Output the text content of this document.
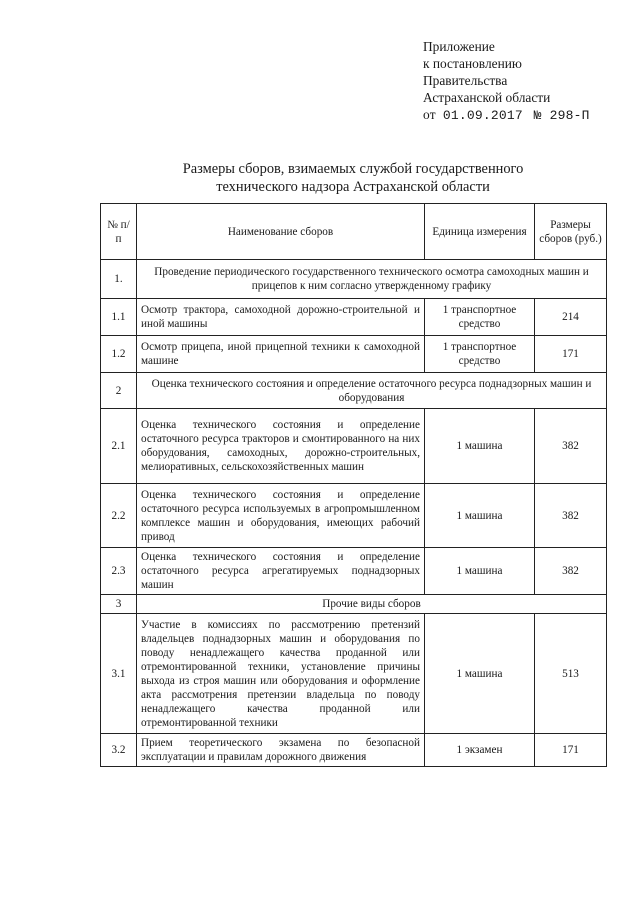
Приложение
к постановлению
Правительства
Астраханской области
от 01.09.2017 № 298-П
Размеры сборов, взимаемых службой государственного
технического надзора Астраханской области
№ п/п	Наименование сборов	Единица измерения	Размеры сборов (руб.)
1.	Проведение периодического государственного технического осмотра самоходных машин и прицепов к ним согласно утвержденному графику		
1.1	Осмотр трактора, самоходной дорожно-строительной и иной машины	1 транспортное средство	214
1.2	Осмотр прицепа, иной прицепной техники к самоходной машине	1 транспортное средство	171
2	Оценка технического состояния и определение остаточного ресурса поднадзорных машин и оборудования		
2.1	Оценка технического состояния и определение остаточного ресурса тракторов и смонтированного на них оборудования, самоходных, дорожно-строительных, мелиоративных, сельскохозяйственных машин	1 машина	382
2.2	Оценка технического состояния и определение остаточного ресурса используемых в агропромышленном комплексе машин и оборудования, имеющих рабочий привод	1 машина	382
2.3	Оценка технического состояния и определение остаточного ресурса агрегатируемых поднадзорных машин	1 машина	382
3	Прочие виды сборов		
3.1	Участие в комиссиях по рассмотрению претензий владельцев поднадзорных машин и оборудования по поводу ненадлежащего качества проданной или отремонтированной техники, установление причины выхода из строя машин или оборудования и оформление акта рассмотрения претензии владельца по поводу ненадлежащего качества проданной или отремонтированной техники	1 машина	513
3.2	Прием теоретического экзамена по безопасной эксплуатации и правилам дорожного движения	1 экзамен	171
